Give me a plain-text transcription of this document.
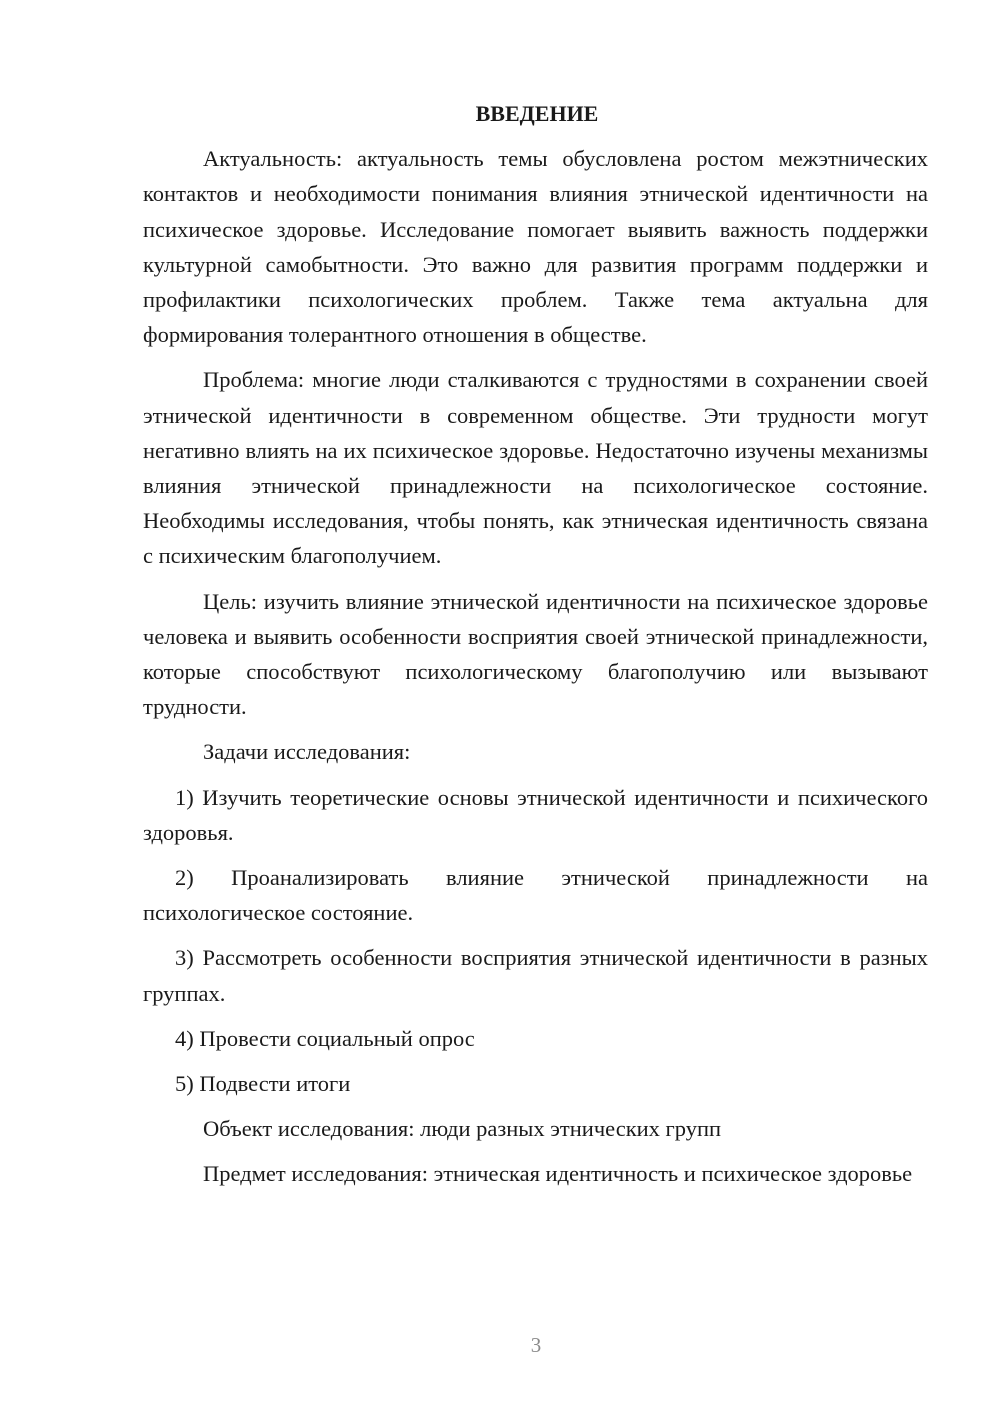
ВВЕДЕНИЕ

Актуальность: актуальность темы обусловлена ростом межэтнических контактов и необходимости понимания влияния этнической идентичности на психическое здоровье. Исследование помогает выявить важность поддержки культурной самобытности. Это важно для развития программ поддержки и профилактики психологических проблем. Также тема актуальна для формирования толерантного отношения в обществе.

Проблема: многие люди сталкиваются с трудностями в сохранении своей этнической идентичности в современном обществе. Эти трудности могут негативно влиять на их психическое здоровье. Недостаточно изучены механизмы влияния этнической принадлежности на психологическое состояние. Необходимы исследования, чтобы понять, как этническая идентичность связана с психическим благополучием.

Цель: изучить влияние этнической идентичности на психическое здоровье человека и выявить особенности восприятия своей этнической принадлежности, которые способствуют психологическому благополучию или вызывают трудности.

Задачи исследования:

1) Изучить теоретические основы этнической идентичности и психического здоровья.

2) Проанализировать влияние этнической принадлежности на психологическое состояние.

3) Рассмотреть особенности восприятия этнической идентичности в разных группах.

4) Провести социальный опрос

5) Подвести итоги

Объект исследования: люди разных этнических групп

Предмет исследования: этническая идентичность и психическое здоровье

3
